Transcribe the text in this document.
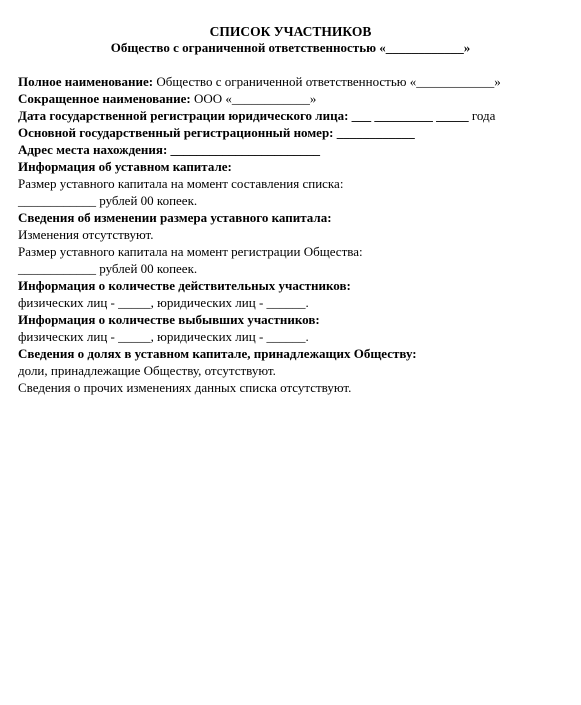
СПИСОК УЧАСТНИКОВ
Общество с ограниченной ответственностью «____________»
Полное наименование: Общество с ограниченной ответственностью «____________»
Сокращенное наименование: ООО «____________»
Дата государственной регистрации юридического лица: ___ _________ _____ года
Основной государственный регистрационный номер: ____________
Адрес места нахождения: _______________________
Информация об уставном капитале:
Размер уставного капитала на момент составления списка:
____________ рублей 00 копеек.
Сведения об изменении размера уставного капитала:
Изменения отсутствуют.
Размер уставного капитала на момент регистрации Общества:
____________ рублей 00 копеек.
Информация о количестве действительных участников:
физических лиц - _____, юридических лиц - ______.
Информация о количестве выбывших участников:
физических лиц - _____, юридических лиц - ______.
Сведения о долях в уставном капитале, принадлежащих Обществу:
доли, принадлежащие Обществу, отсутствуют.
Сведения о прочих изменениях данных списка отсутствуют.
